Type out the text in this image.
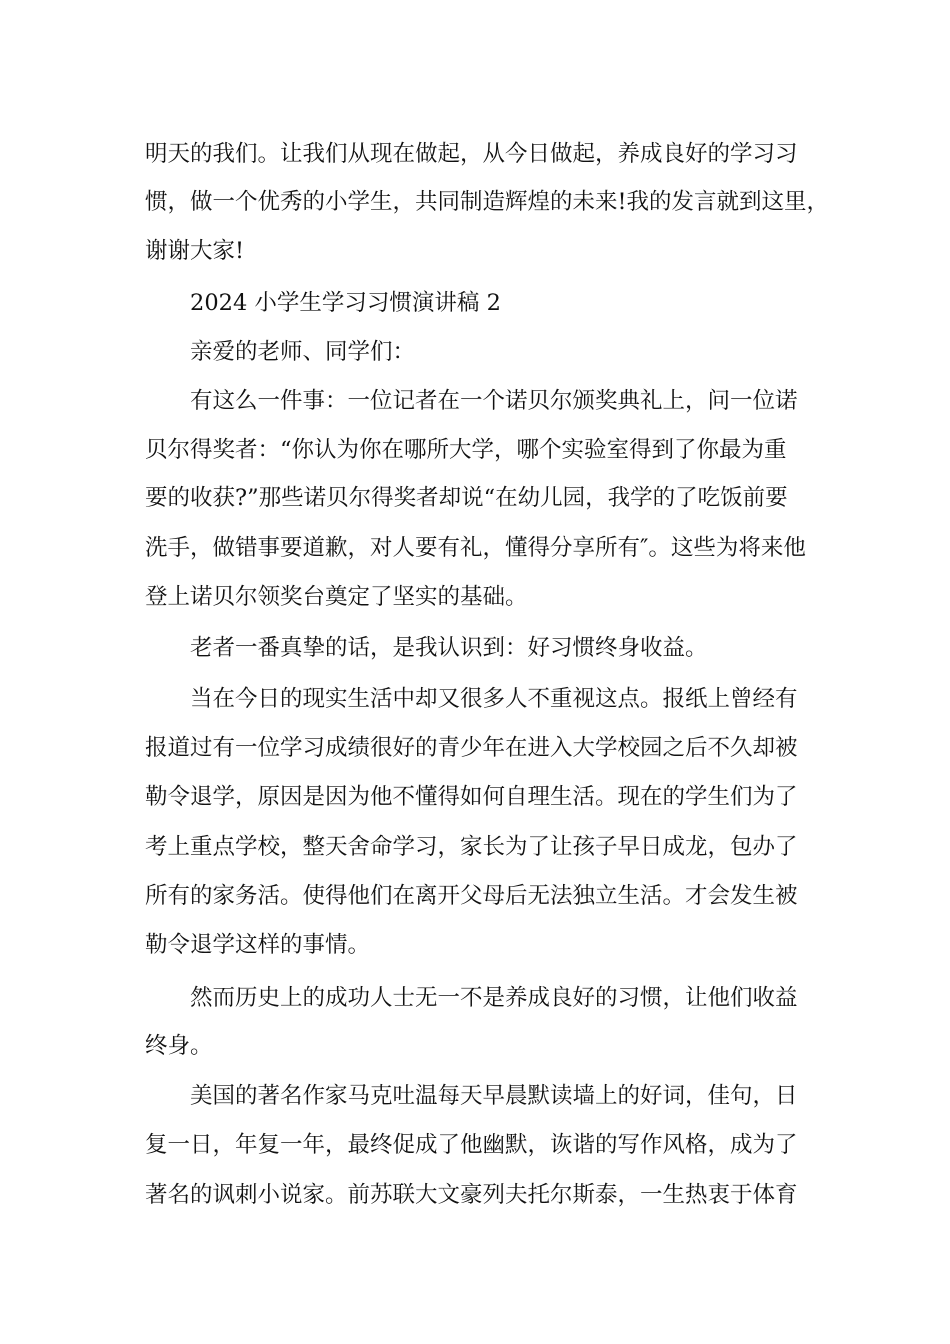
明天的我们。让我们从现在做起，从今日做起，养成良好的学习习
惯，做一个优秀的小学生，共同制造辉煌的未来!我的发言就到这里，
谢谢大家!
2024 小学生学习习惯演讲稿 2
亲爱的老师、同学们：
有这么一件事：一位记者在一个诺贝尔颁奖典礼上，问一位诺
贝尔得奖者：“你认为你在哪所大学，哪个实验室得到了你最为重
要的收获?”那些诺贝尔得奖者却说“在幼儿园，我学的了吃饭前要
洗手，做错事要道歉，对人要有礼，懂得分享所有″。这些为将来他
登上诺贝尔领奖台奠定了坚实的基础。
老者一番真挚的话，是我认识到：好习惯终身收益。
当在今日的现实生活中却又很多人不重视这点。报纸上曾经有
报道过有一位学习成绩很好的青少年在进入大学校园之后不久却被
勒令退学，原因是因为他不懂得如何自理生活。现在的学生们为了
考上重点学校，整天舍命学习，家长为了让孩子早日成龙，包办了
所有的家务活。使得他们在离开父母后无法独立生活。才会发生被
勒令退学这样的事情。
然而历史上的成功人士无一不是养成良好的习惯，让他们收益
终身。
美国的著名作家马克吐温每天早晨默读墙上的好词，佳句，日
复一日，年复一年，最终促成了他幽默，诙谐的写作风格，成为了
著名的讽刺小说家。前苏联大文豪列夫托尔斯泰，一生热衷于体育
